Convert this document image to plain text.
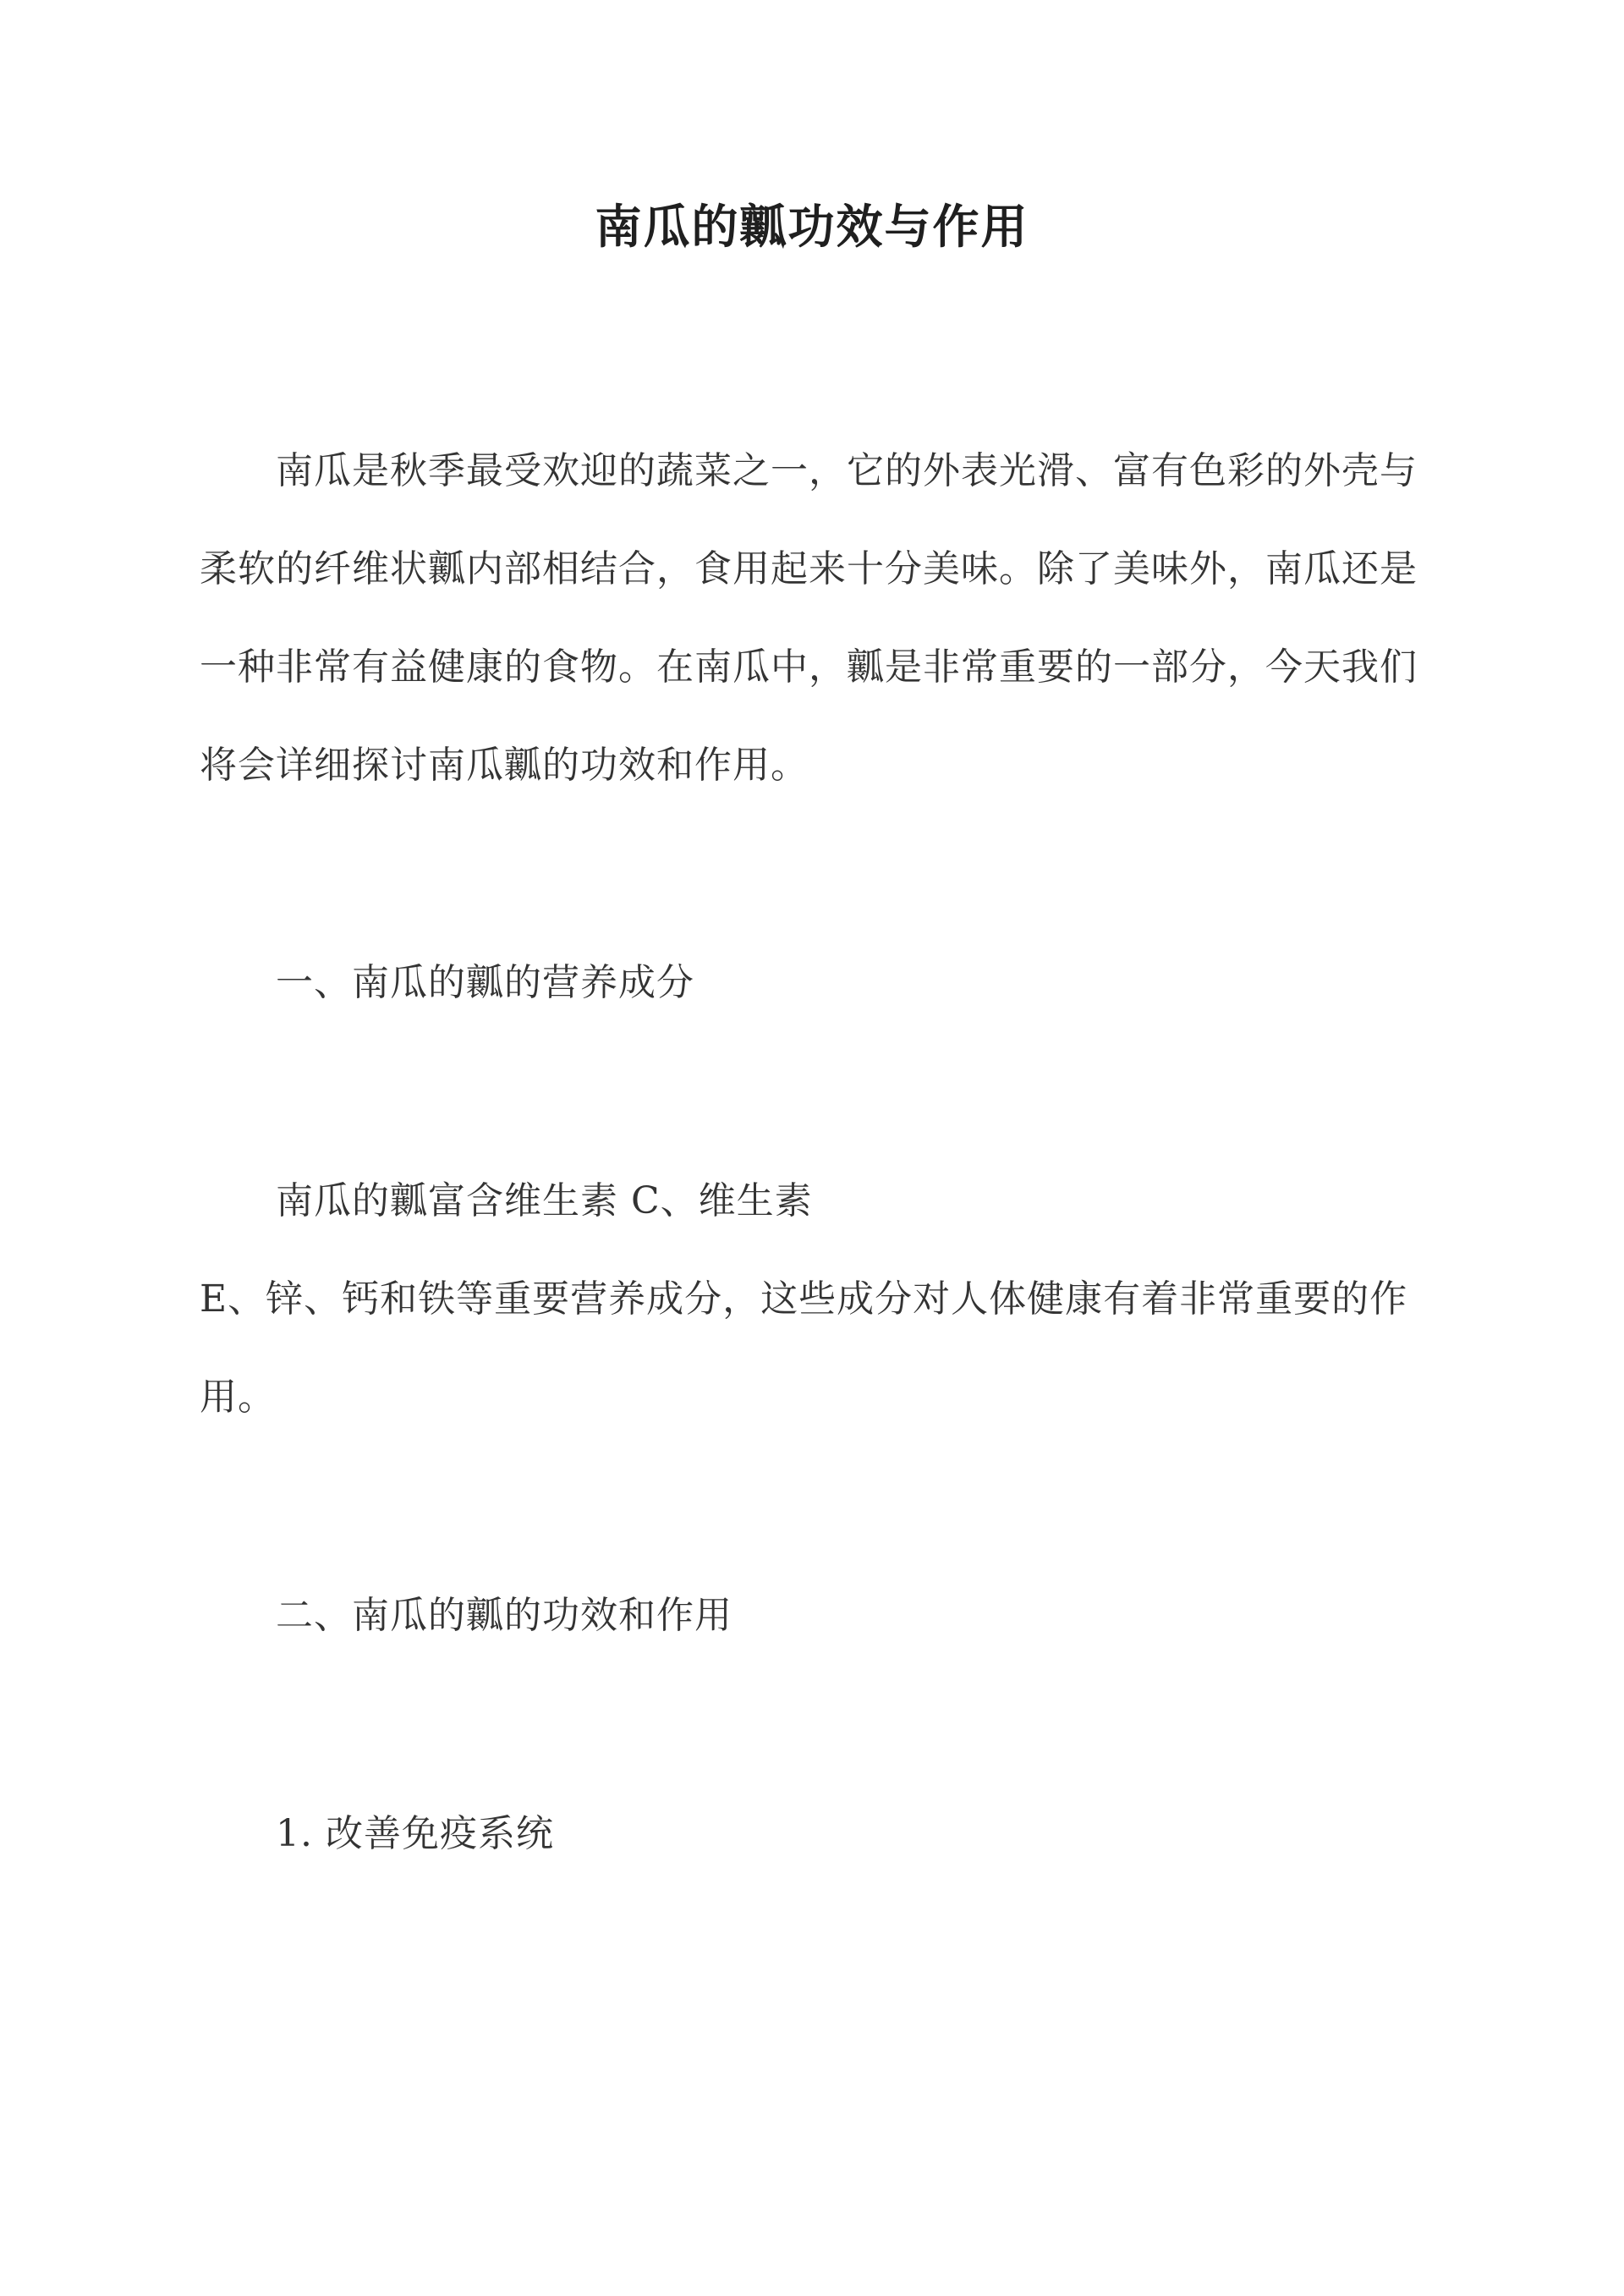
南瓜的瓤功效与作用
南瓜是秋季最受欢迎的蔬菜之一，它的外表光滑、富有色彩的外壳与
柔软的纤维状瓤内部相结合，食用起来十分美味。除了美味外，南瓜还是
一种非常有益健康的食物。在南瓜中，瓤是非常重要的一部分，今天我们
将会详细探讨南瓜瓤的功效和作用。
一、南瓜的瓤的营养成分
南瓜的瓤富含维生素 C、维生素
E、锌、钙和铁等重要营养成分，这些成分对人体健康有着非常重要的作
用。
二、南瓜的瓤的功效和作用
1. 改善免疫系统
